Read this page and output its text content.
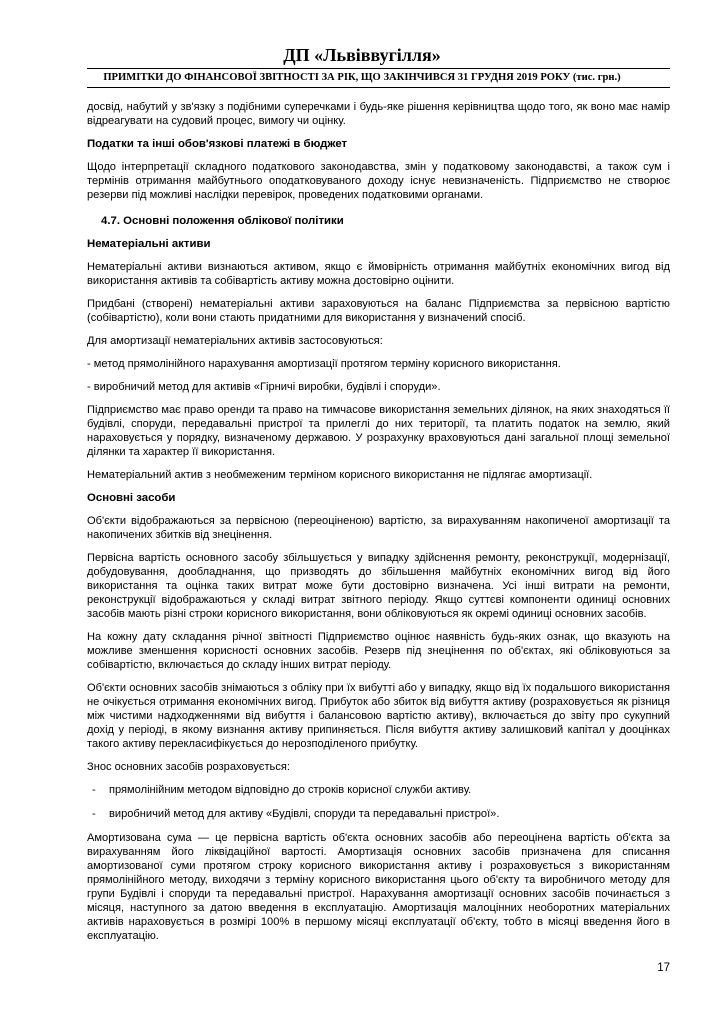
ДП «Львіввугілля»
ПРИМІТКИ ДО ФІНАНСОВОЇ ЗВІТНОСТІ ЗА РІК, ЩО ЗАКІНЧИВСЯ 31 ГРУДНЯ 2019 РОКУ (тис. грн.)

досвід, набутий у зв'язку з подібними суперечками і будь-яке рішення керівництва щодо того, як воно має намір відреагувати на судовий процес, вимогу чи оцінку.

Податки та інші обов'язкові платежі в бюджет

Щодо інтерпретації складного податкового законодавства, змін у податковому законодавстві, а також сум і термінів отримання майбутнього оподатковуваного доходу існує невизначеність. Підприємство не створює резерви під можливі наслідки перевірок, проведених податковими органами.

4.7. Основні положення облікової політики
Нематеріальні активи

Нематеріальні активи визнаються активом, якщо є ймовірність отримання майбутніх економічних вигод від використання активів та собівартість активу можна достовірно оцінити.

Придбані (створені) нематеріальні активи зараховуються на баланс Підприємства за первісною вартістю (собівартістю), коли вони стають придатними для використання у визначений спосіб.

Для амортизації нематеріальних активів застосовуються:

- метод прямолінійного нарахування амортизації протягом терміну корисного використання.

- виробничий метод для активів «Гірничі виробки, будівлі і споруди».

Підприємство має право оренди та право на тимчасове використання земельних ділянок, на яких знаходяться її будівлі, споруди, передавальні пристрої та прилеглі до них території, та платить податок на землю, який нараховується у порядку, визначеному державою. У розрахунку враховуються дані загальної площі земельної ділянки та характер її використання.

Нематеріальний актив з необмеженим терміном корисного використання не підлягає амортизації.

Основні засоби

Об'єкти відображаються за первісною (переоціненою) вартістю, за вирахуванням накопиченої амортизації та накопичених збитків від знецінення.

Первісна вартість основного засобу збільшується у випадку здійснення ремонту, реконструкції, модернізації, добудовування, дообладнання, що призводять до збільшення майбутніх економічних вигод від його використання та оцінка таких витрат може бути достовірно визначена. Усі інші витрати на ремонти, реконструкції відображаються у складі витрат звітного періоду. Якщо суттєві компоненти одиниці основних засобів мають різні строки корисного використання, вони обліковуються як окремі одиниці основних засобів.

На кожну дату складання річної звітності Підприємство оцінює наявність будь-яких ознак, що вказують на можливе зменшення корисності основних засобів. Резерв під знецінення по об'єктах, які обліковуються за собівартістю, включається до складу інших витрат періоду.

Об'єкти основних засобів знімаються з обліку при їх вибутті або у випадку, якщо від їх подальшого використання не очікується отримання економічних вигод. Прибуток або збиток від вибуття активу (розраховується як різниця між чистими надходженнями від вибуття і балансовою вартістю активу), включається до звіту про сукупний дохід у періоді, в якому визнання активу припиняється. Після вибуття активу залишковий капітал у дооцінках такого активу перекласифікується до нерозподіленого прибутку.

Знос основних засобів розраховується:

-	прямолінійним методом відповідно до строків корисної служби активу.
-	виробничий метод для активу «Будівлі, споруди та передавальні пристрої».

Амортизована сума — це первісна вартість об'єкта основних засобів або переоцінена вартість об'єкта за вирахуванням його ліквідаційної вартості. Амортизація основних засобів призначена для списання амортизованої суми протягом строку корисного використання активу і розраховується з використанням прямолінійного методу, виходячи з терміну корисного використання цього об'єкту та виробничого методу для групи Будівлі і споруди та передавальні пристрої. Нарахування амортизації основних засобів починається з місяця, наступного за датою введення в експлуатацію. Амортизація малоцінних необоротних матеріальних активів нараховується в розмірі 100% в першому місяці експлуатації об'єкту, тобто в місяці введення його в експлуатацію.

17
